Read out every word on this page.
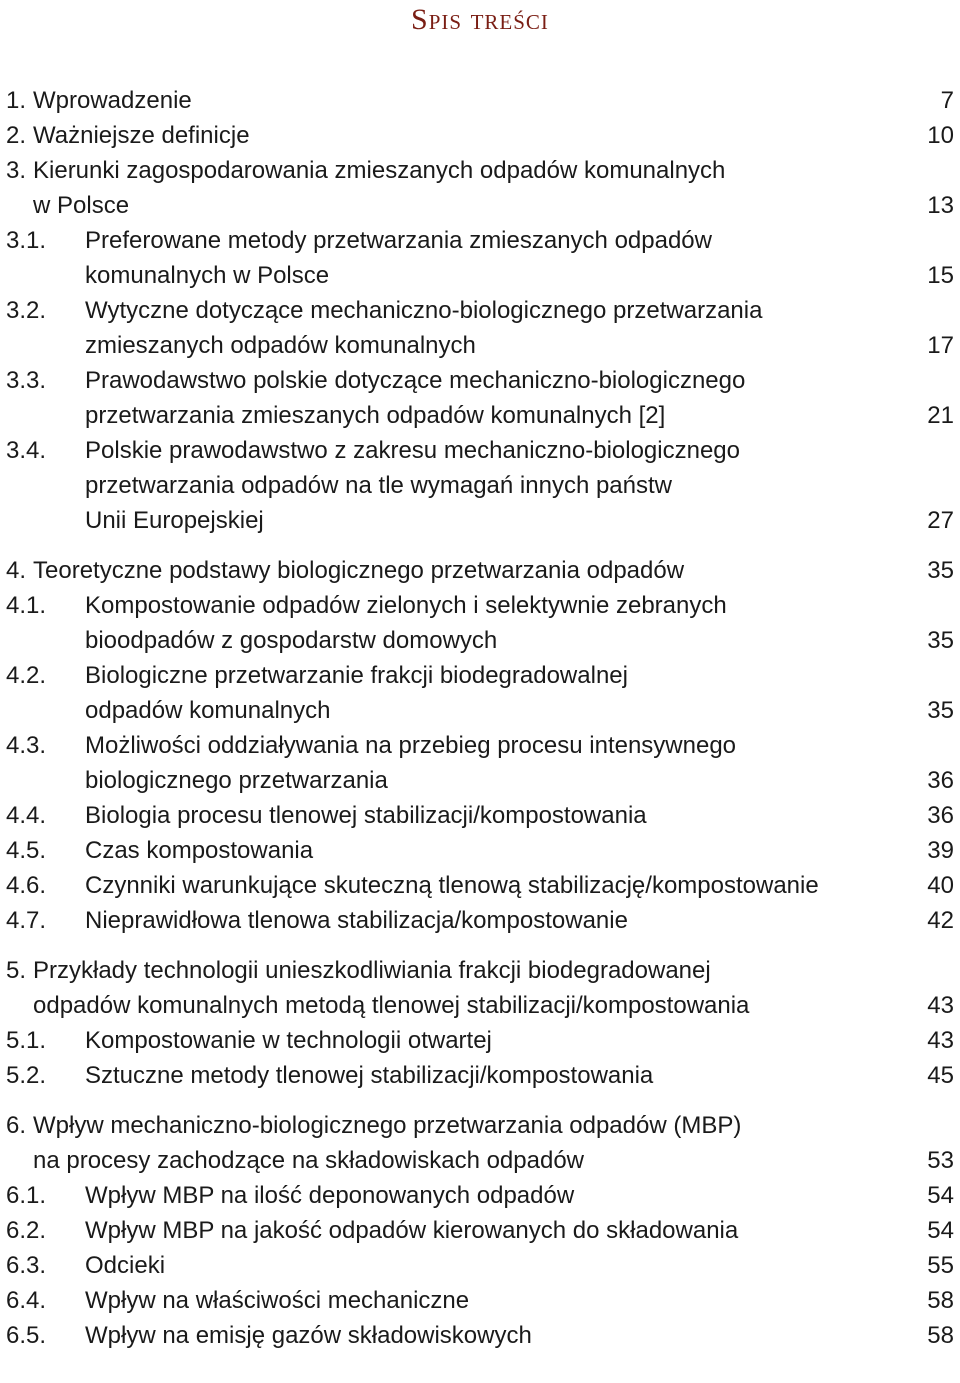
Spis treści
1. Wprowadzenie	7
2. Ważniejsze definicje	10
3. Kierunki zagospodarowania zmieszanych odpadów komunalnych
w Polsce	13
3.1. Preferowane metody przetwarzania zmieszanych odpadów
komunalnych w Polsce	15
3.2. Wytyczne dotyczące mechaniczno-biologicznego przetwarzania
zmieszanych odpadów komunalnych	17
3.3. Prawodawstwo polskie dotyczące mechaniczno-biologicznego
przetwarzania zmieszanych odpadów komunalnych [2]	21
3.4. Polskie prawodawstwo z zakresu mechaniczno-biologicznego
przetwarzania odpadów na tle wymagań innych państw
Unii Europejskiej	27
4. Teoretyczne podstawy biologicznego przetwarzania odpadów	35
4.1. Kompostowanie odpadów zielonych i selektywnie zebranych
bioodpadów z gospodarstw domowych	35
4.2. Biologiczne przetwarzanie frakcji biodegradowalnej
odpadów komunalnych	35
4.3. Możliwości oddziaływania na przebieg procesu intensywnego
biologicznego przetwarzania	36
4.4. Biologia procesu tlenowej stabilizacji/kompostowania	36
4.5. Czas kompostowania	39
4.6. Czynniki warunkujące skuteczną tlenową stabilizację/kompostowanie	40
4.7. Nieprawidłowa tlenowa stabilizacja/kompostowanie	42
5. Przykłady technologii unieszkodliwiania frakcji biodegradowanej
odpadów komunalnych metodą tlenowej stabilizacji/kompostowania	43
5.1. Kompostowanie w technologii otwartej	43
5.2. Sztuczne metody tlenowej stabilizacji/kompostowania	45
6. Wpływ mechaniczno-biologicznego przetwarzania odpadów (MBP)
na procesy zachodzące na składowiskach odpadów	53
6.1. Wpływ MBP na ilość deponowanych odpadów	54
6.2. Wpływ MBP na jakość odpadów kierowanych do składowania	54
6.3. Odcieki	55
6.4. Wpływ na właściwości mechaniczne	58
6.5. Wpływ na emisję gazów składowiskowych	58
